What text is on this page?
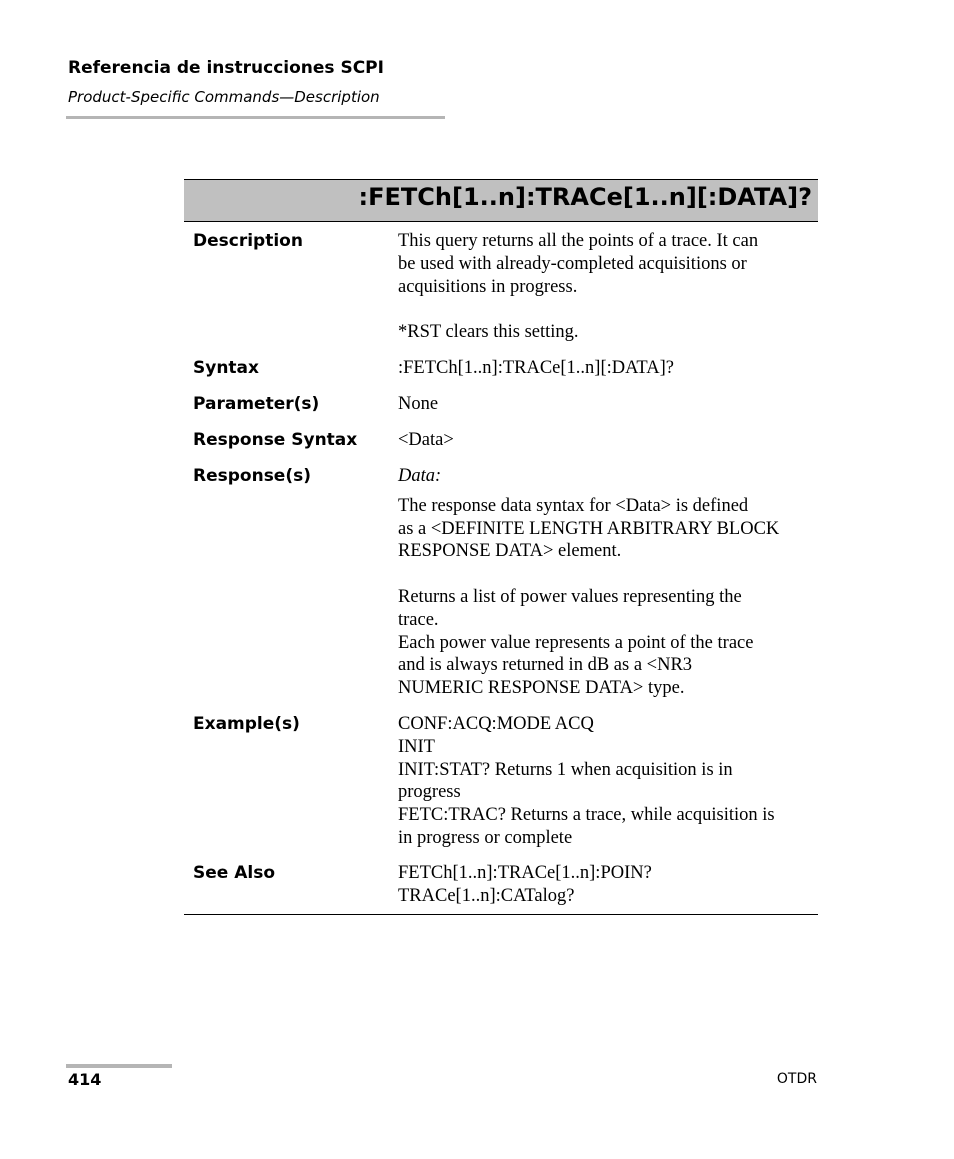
Referencia de instrucciones SCPI
Product-Specific Commands—Description
:FETCh[1..n]:TRACe[1..n][:DATA]?
Description	This query returns all the points of a trace. It can

be used with already-completed acquisitions or

acquisitions in progress.

*RST clears this setting.

Syntax	:FETCh[1..n]:TRACe[1..n][:DATA]?
Parameter(s)	None
Response Syntax <Data>
Response(s)	Data:

The response data syntax for <Data> is defined

as a <DEFINITE LENGTH ARBITRARY BLOCK

RESPONSE DATA> element.

Returns a list of power values representing the

trace.

Each power value represents a point of the trace

and is always returned in dB as a <NR3

NUMERIC RESPONSE DATA> type.

Example(s)	CONF:ACQ:MODE ACQ

INIT

INIT:STAT? Returns 1 when acquisition is in

progress

FETC:TRAC? Returns a trace, while acquisition is

in progress or complete

See Also	FETCh[1..n]:TRACe[1..n]:POIN?

TRACe[1..n]:CATalog?

414	OTDR
